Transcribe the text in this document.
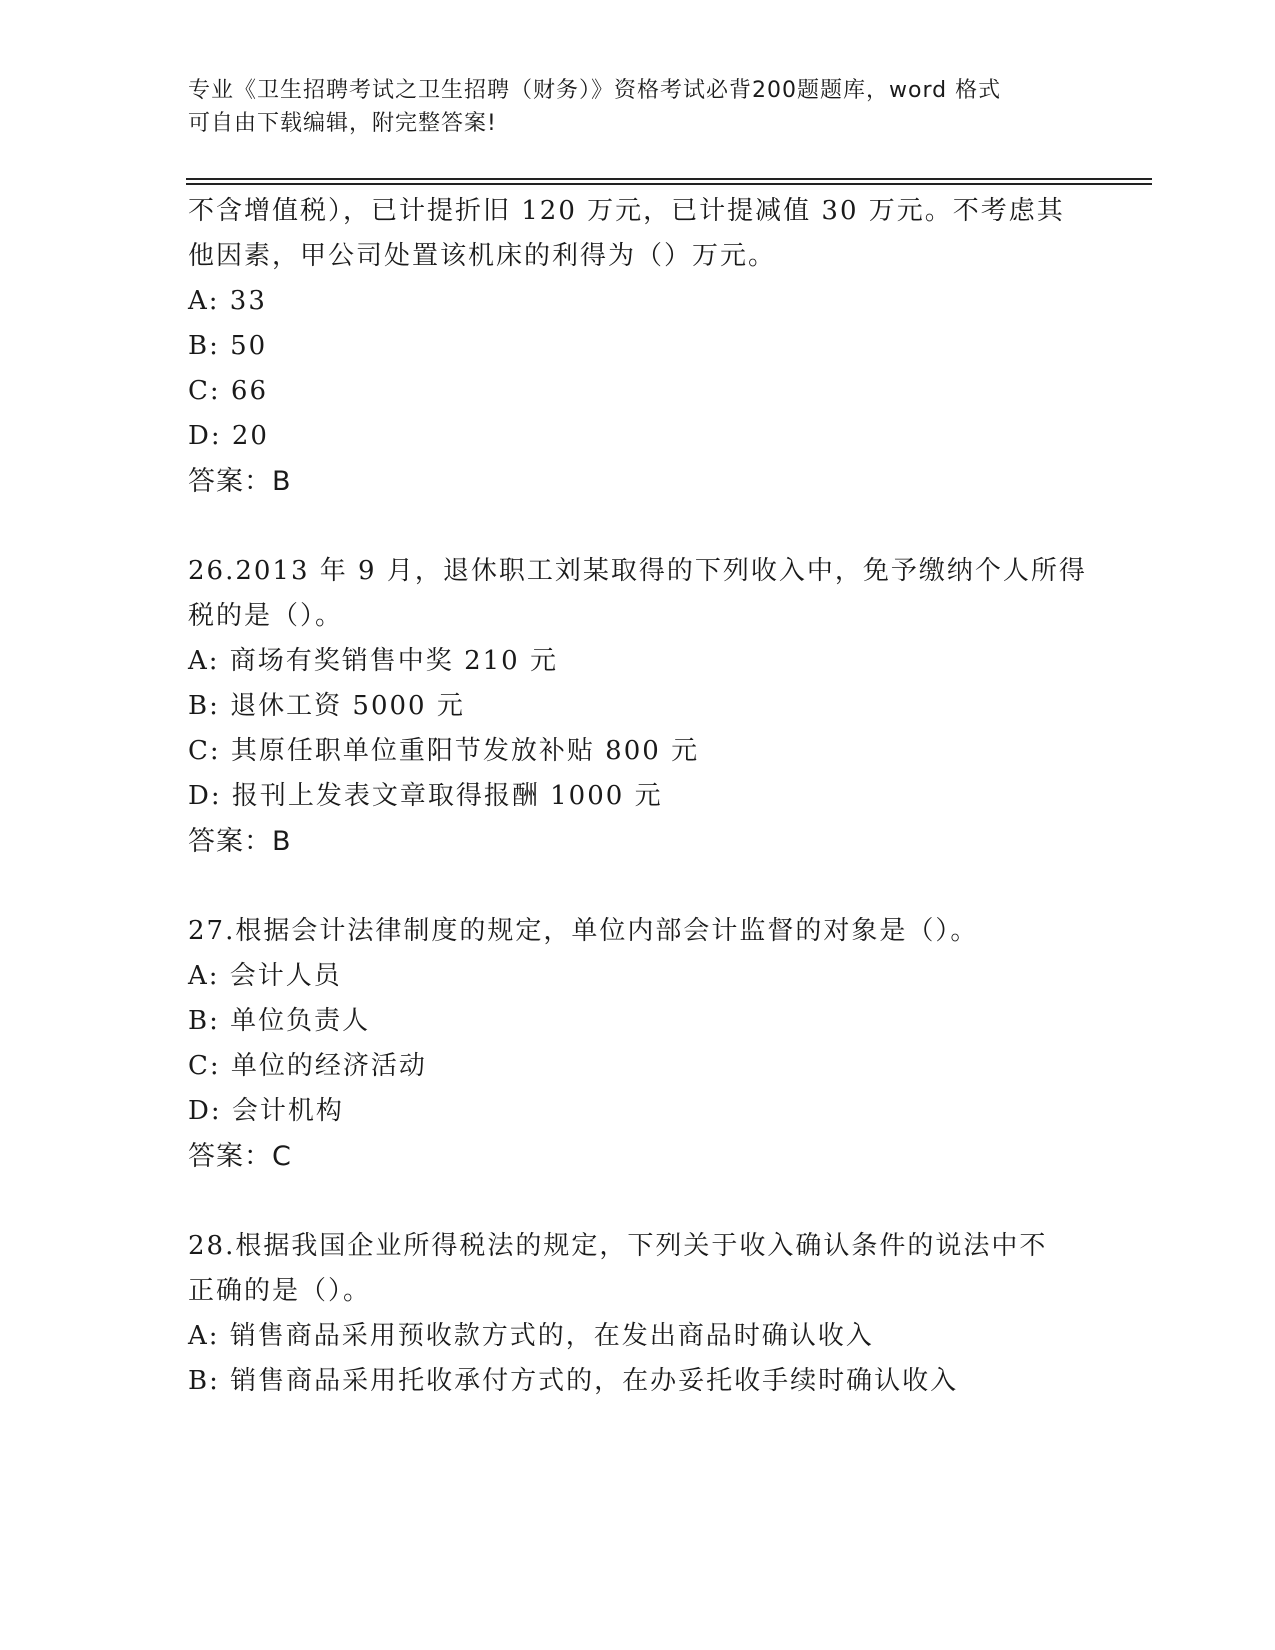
专业《卫生招聘考试之卫生招聘（财务）》资格考试必背200题题库，word 格式
可自由下载编辑，附完整答案!
不含增值税），已计提折旧 120 万元，已计提减值 30 万元。不考虑其
他因素，甲公司处置该机床的利得为（）万元。
A: 33
B: 50
C: 66
D: 20
答案：B
26.2013 年 9 月，退休职工刘某取得的下列收入中，免予缴纳个人所得
税的是（）。
A: 商场有奖销售中奖 210 元
B: 退休工资 5000 元
C: 其原任职单位重阳节发放补贴 800 元
D: 报刊上发表文章取得报酬 1000 元
答案：B
27.根据会计法律制度的规定，单位内部会计监督的对象是（）。
A: 会计人员
B: 单位负责人
C: 单位的经济活动
D: 会计机构
答案：C
28.根据我国企业所得税法的规定，下列关于收入确认条件的说法中不
正确的是（）。
A: 销售商品采用预收款方式的，在发出商品时确认收入
B: 销售商品采用托收承付方式的，在办妥托收手续时确认收入
